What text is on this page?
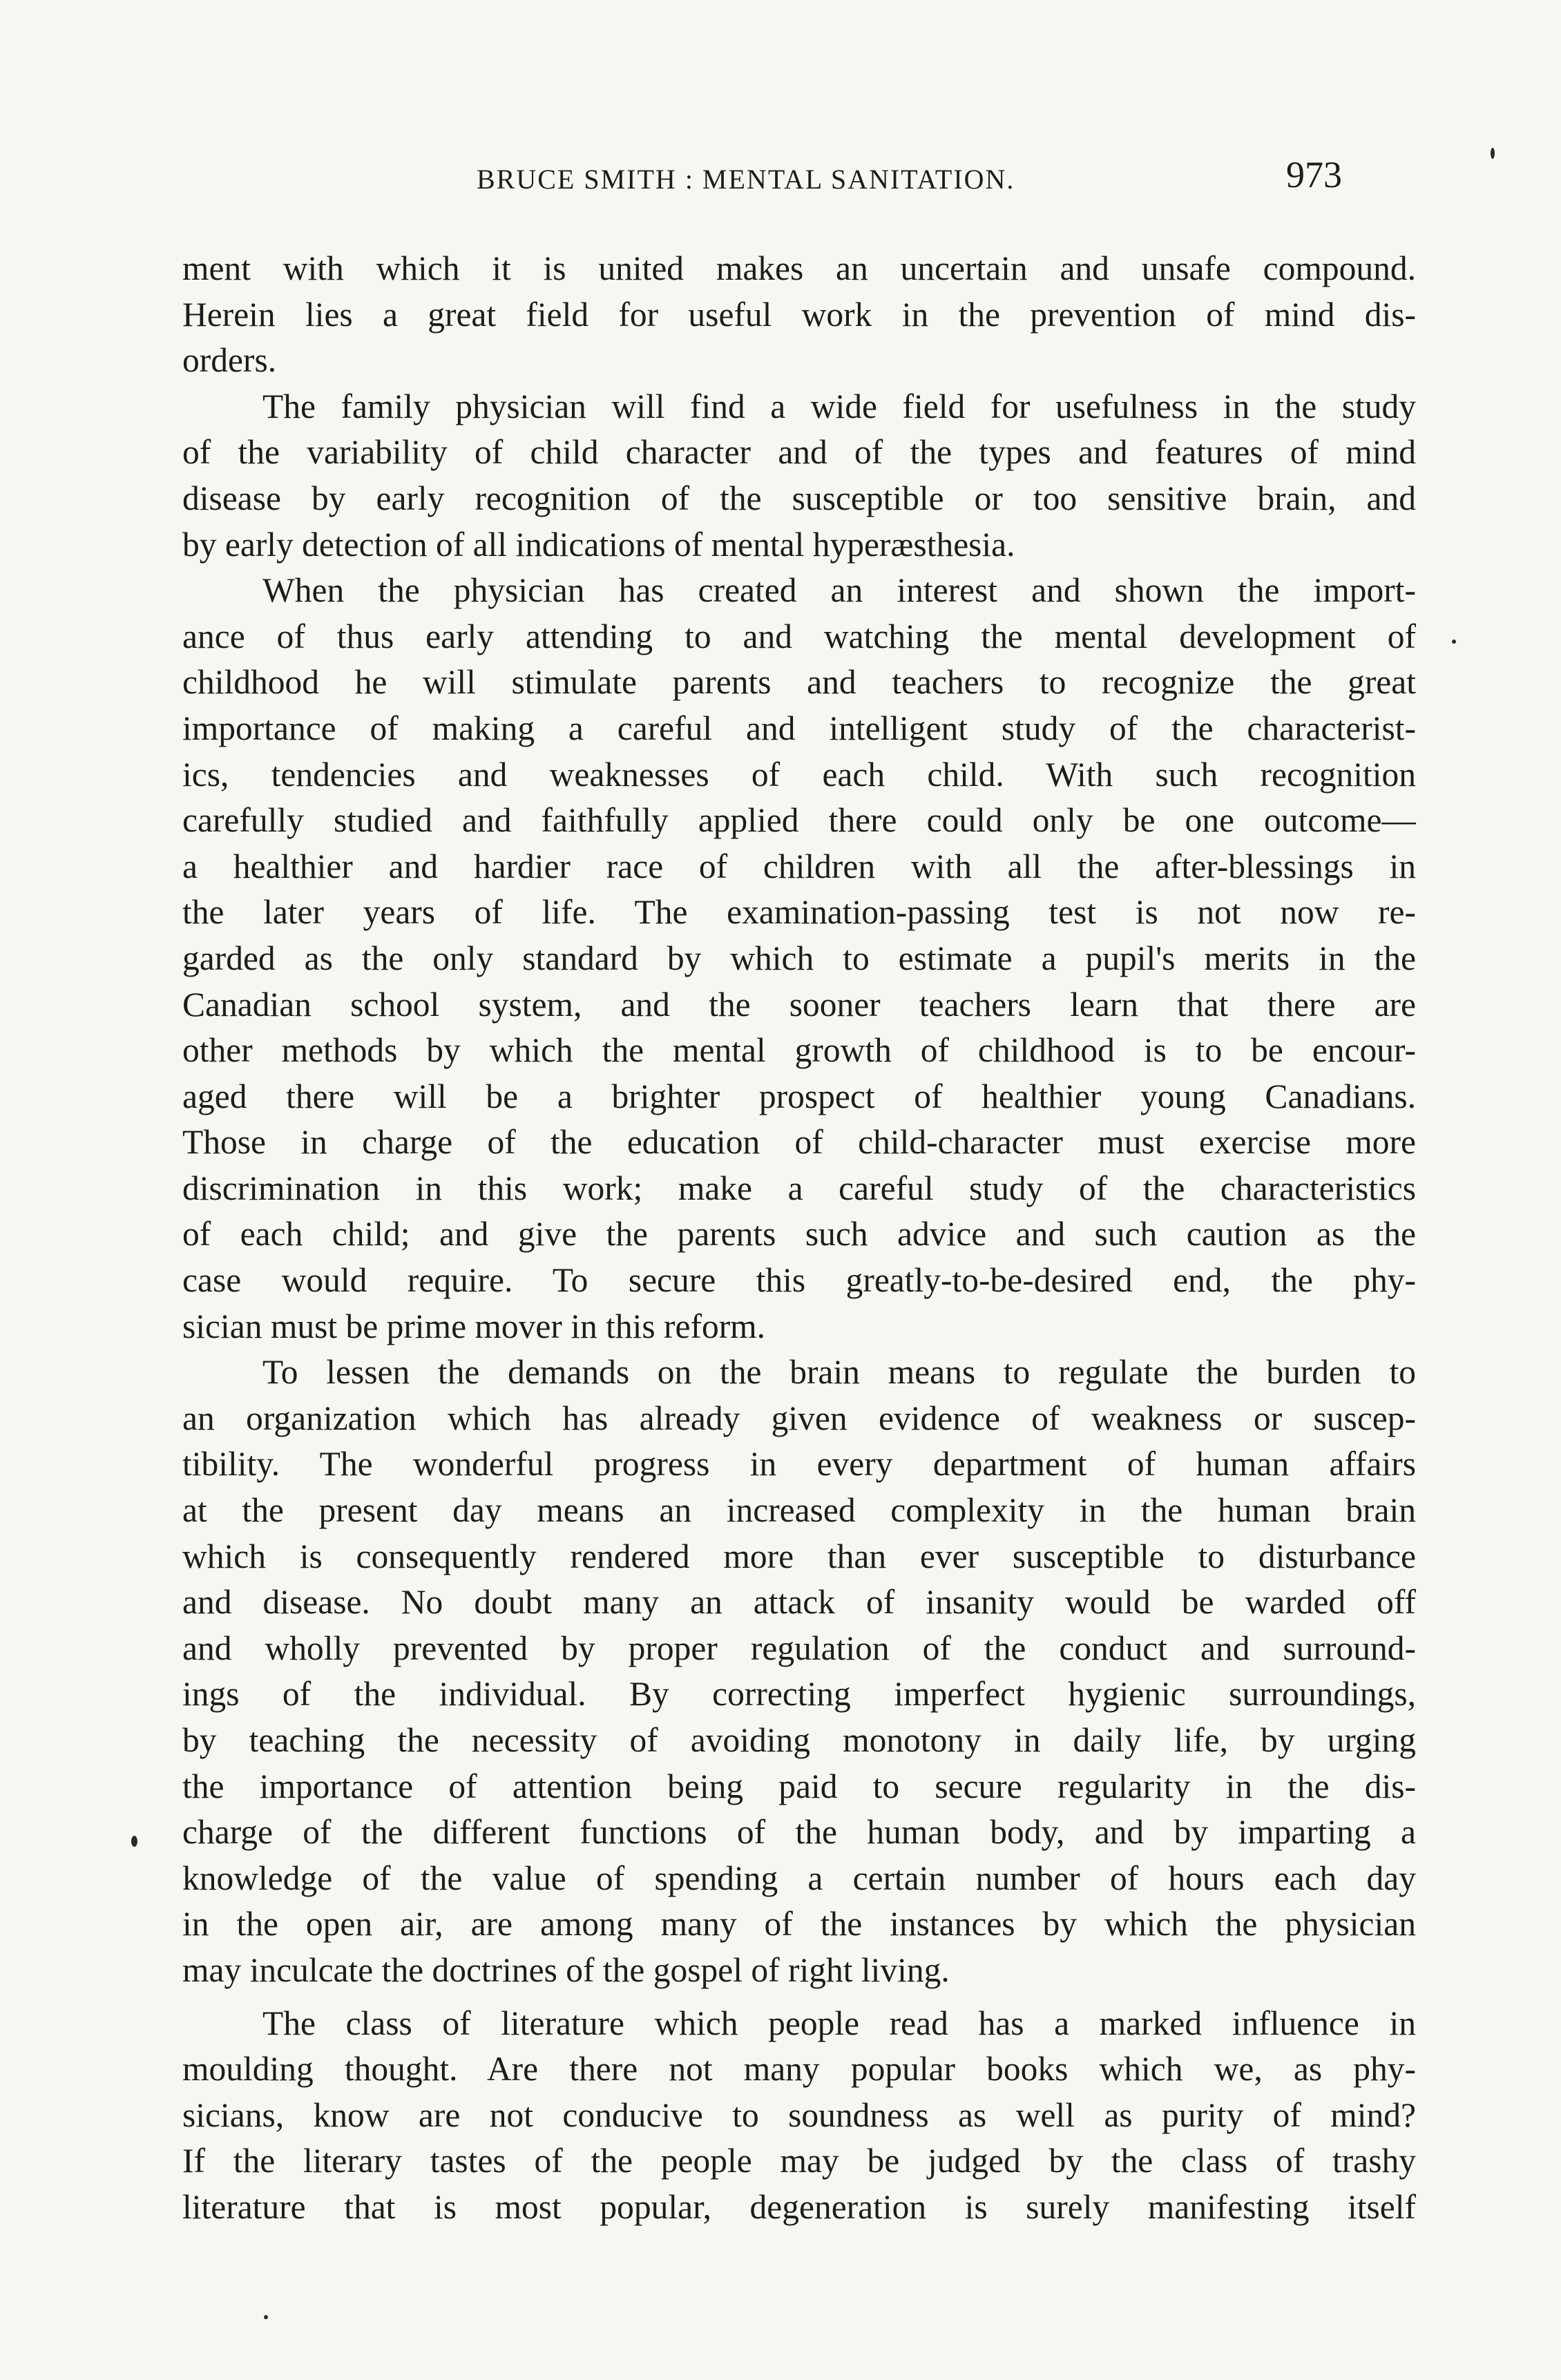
BRUCE SMITH : MENTAL SANITATION.	973
ment with which it is united makes an uncertain and unsafe compound.
Herein lies a great field for useful work in the prevention of mind dis-
orders.
The family physician will find a wide field for usefulness in the study
of the variability of child character and of the types and features of mind
disease by early recognition of the susceptible or too sensitive brain, and
by early detection of all indications of mental hyperæsthesia.
When the physician has created an interest and shown the import-
ance of thus early attending to and watching the mental development of
childhood he will stimulate parents and teachers to recognize the great
importance of making a careful and intelligent study of the characterist-
ics, tendencies and weaknesses of each child. With such recognition
carefully studied and faithfully applied there could only be one outcome—
a healthier and hardier race of children with all the after-blessings in
the later years of life. The examination-passing test is not now re-
garded as the only standard by which to estimate a pupil's merits in the
Canadian school system, and the sooner teachers learn that there are
other methods by which the mental growth of childhood is to be encour-
aged there will be a brighter prospect of healthier young Canadians.
Those in charge of the education of child-character must exercise more
discrimination in this work; make a careful study of the characteristics
of each child; and give the parents such advice and such caution as the
case would require. To secure this greatly-to-be-desired end, the phy-
sician must be prime mover in this reform.
To lessen the demands on the brain means to regulate the burden to
an organization which has already given evidence of weakness or suscep-
tibility. The wonderful progress in every department of human affairs
at the present day means an increased complexity in the human brain
which is consequently rendered more than ever susceptible to disturbance
and disease. No doubt many an attack of insanity would be warded off
and wholly prevented by proper regulation of the conduct and surround-
ings of the individual. By correcting imperfect hygienic surroundings,
by teaching the necessity of avoiding monotony in daily life, by urging
the importance of attention being paid to secure regularity in the dis-
charge of the different functions of the human body, and by imparting a
knowledge of the value of spending a certain number of hours each day
in the open air, are among many of the instances by which the physician
may inculcate the doctrines of the gospel of right living.
The class of literature which people read has a marked influence in
moulding thought. Are there not many popular books which we, as phy-
sicians, know are not conducive to soundness as well as purity of mind?
If the literary tastes of the people may be judged by the class of trashy
literature that is most popular, degeneration is surely manifesting itself
